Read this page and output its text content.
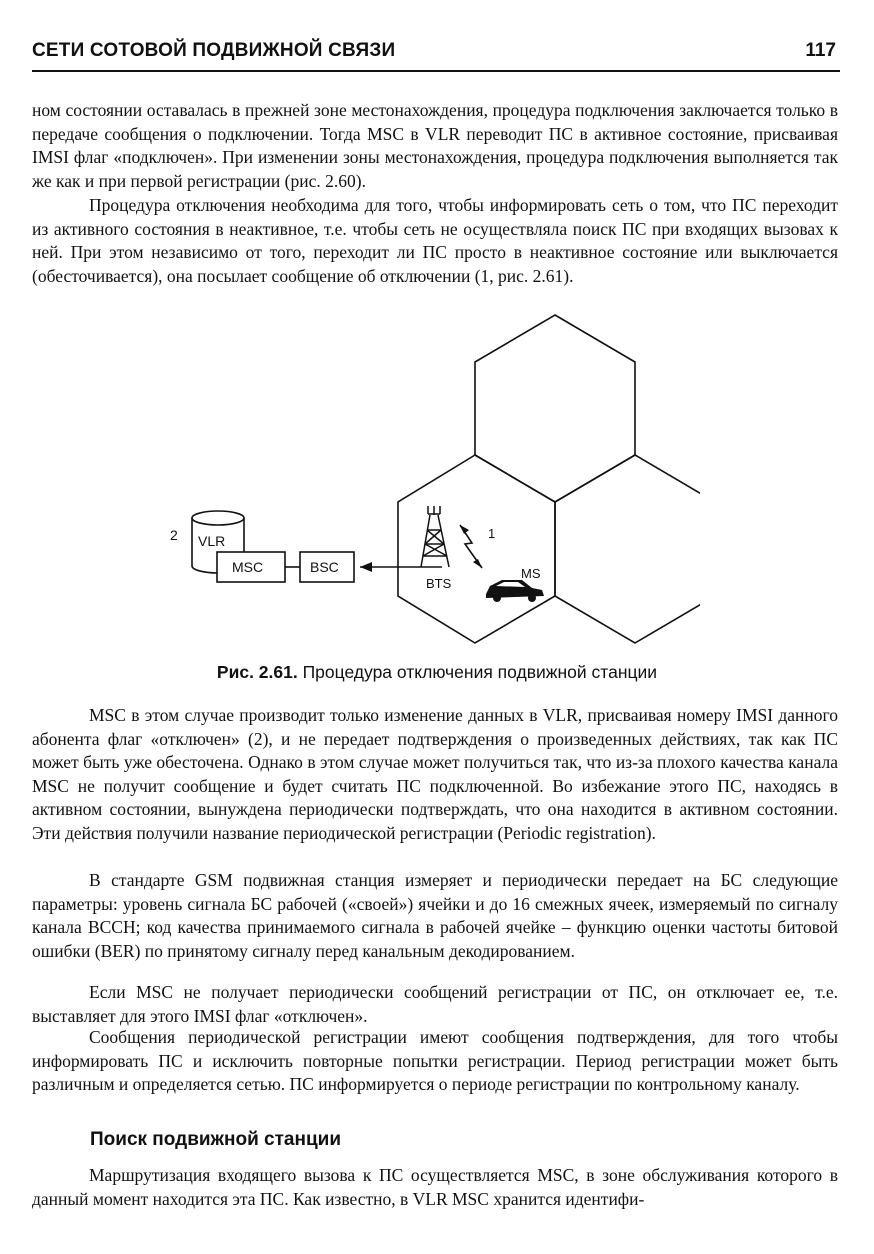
СЕТИ СОТОВОЙ ПОДВИЖНОЙ СВЯЗИ	117

ном состоянии оставалась в прежней зоне местонахождения, процедура подключения заключается только в передаче сообщения о подключении. Тогда MSC в VLR переводит ПС в активное состояние, присваивая IMSI флаг «подключен». При изменении зоны местонахождения, процедура подключения выполняется так же как и при первой регистрации (рис. 2.60).

Процедура отключения необходима для того, чтобы информировать сеть о том, что ПС переходит из активного состояния в неактивное, т.е. чтобы сеть не осуществляла поиск ПС при входящих вызовах к ней. При этом независимо от того, переходит ли ПС просто в неактивное состояние или выключается (обесточивается), она посылает сообщение об отключении (1, рис. 2.61).

VLR
2
MSC	BSC
BTS
1
MS

Рис. 2.61. Процедура отключения подвижной станции

MSC в этом случае производит только изменение данных в VLR, присваивая номеру IMSI данного абонента флаг «отключен» (2), и не передает подтверждения о произведенных действиях, так как ПС может быть уже обесточена. Однако в этом случае может получиться так, что из-за плохого качества канала MSC не получит сообщение и будет считать ПС подключенной. Во избежание этого ПС, находясь в активном состоянии, вынуждена периодически подтверждать, что она находится в активном состоянии. Эти действия получили название периодической регистрации (Periodic registration).

В стандарте GSM подвижная станция измеряет и периодически передает на БС следующие параметры: уровень сигнала БС рабочей («своей») ячейки и до 16 смежных ячеек, измеряемый по сигналу канала BCCH; код качества принимаемого сигнала в рабочей ячейке – функцию оценки частоты битовой ошибки (BER) по принятому сигналу перед канальным декодированием.

Если MSC не получает периодически сообщений регистрации от ПС, он отключает ее, т.е. выставляет для этого IMSI флаг «отключен».

Сообщения периодической регистрации имеют сообщения подтверждения, для того чтобы информировать ПС и исключить повторные попытки регистрации. Период регистрации может быть различным и определяется сетью. ПС информируется о периоде регистрации по контрольному каналу.

Поиск подвижной станции

Маршрутизация входящего вызова к ПС осуществляется MSC, в зоне обслуживания которого в данный момент находится эта ПС. Как известно, в VLR MSC хранится идентифи-
